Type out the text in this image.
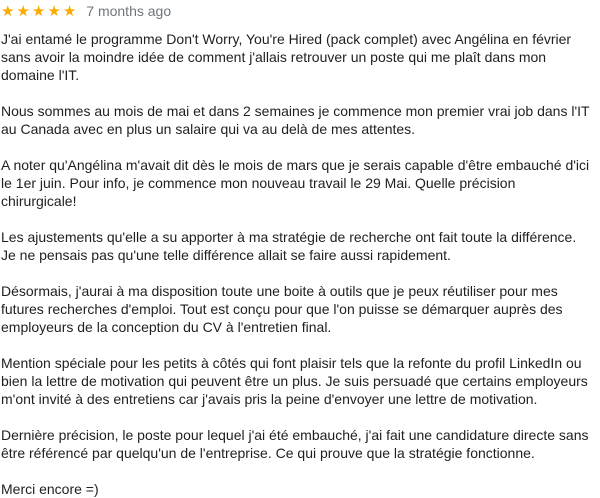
★ ★ ★ ★ ★ 7 months ago

J'ai entamé le programme Don't Worry, You're Hired (pack complet) avec Angélina en février sans avoir la moindre idée de comment j'allais retrouver un poste qui me plaît dans mon domaine l'IT.

Nous sommes au mois de mai et dans 2 semaines je commence mon premier vrai job dans l'IT au Canada avec en plus un salaire qui va au delà de mes attentes.

A noter qu'Angélina m'avait dit dès le mois de mars que je serais capable d'être embauché d'ici le 1er juin. Pour info, je commence mon nouveau travail le 29 Mai. Quelle précision chirurgicale!

Les ajustements qu'elle a su apporter à ma stratégie de recherche ont fait toute la différence. Je ne pensais pas qu'une telle différence allait se faire aussi rapidement.

Désormais, j'aurai à ma disposition toute une boite à outils que je peux réutiliser pour mes futures recherches d'emploi. Tout est conçu pour que l'on puisse se démarquer auprès des employeurs de la conception du CV à l'entretien final.

Mention spéciale pour les petits à côtés qui font plaisir tels que la refonte du profil LinkedIn ou bien la lettre de motivation qui peuvent être un plus. Je suis persuadé que certains employeurs m'ont invité à des entretiens car j'avais pris la peine d'envoyer une lettre de motivation.

Dernière précision, le poste pour lequel j'ai été embauché, j'ai fait une candidature directe sans être référencé par quelqu'un de l'entreprise. Ce qui prouve que la stratégie fonctionne.

Merci encore =)
